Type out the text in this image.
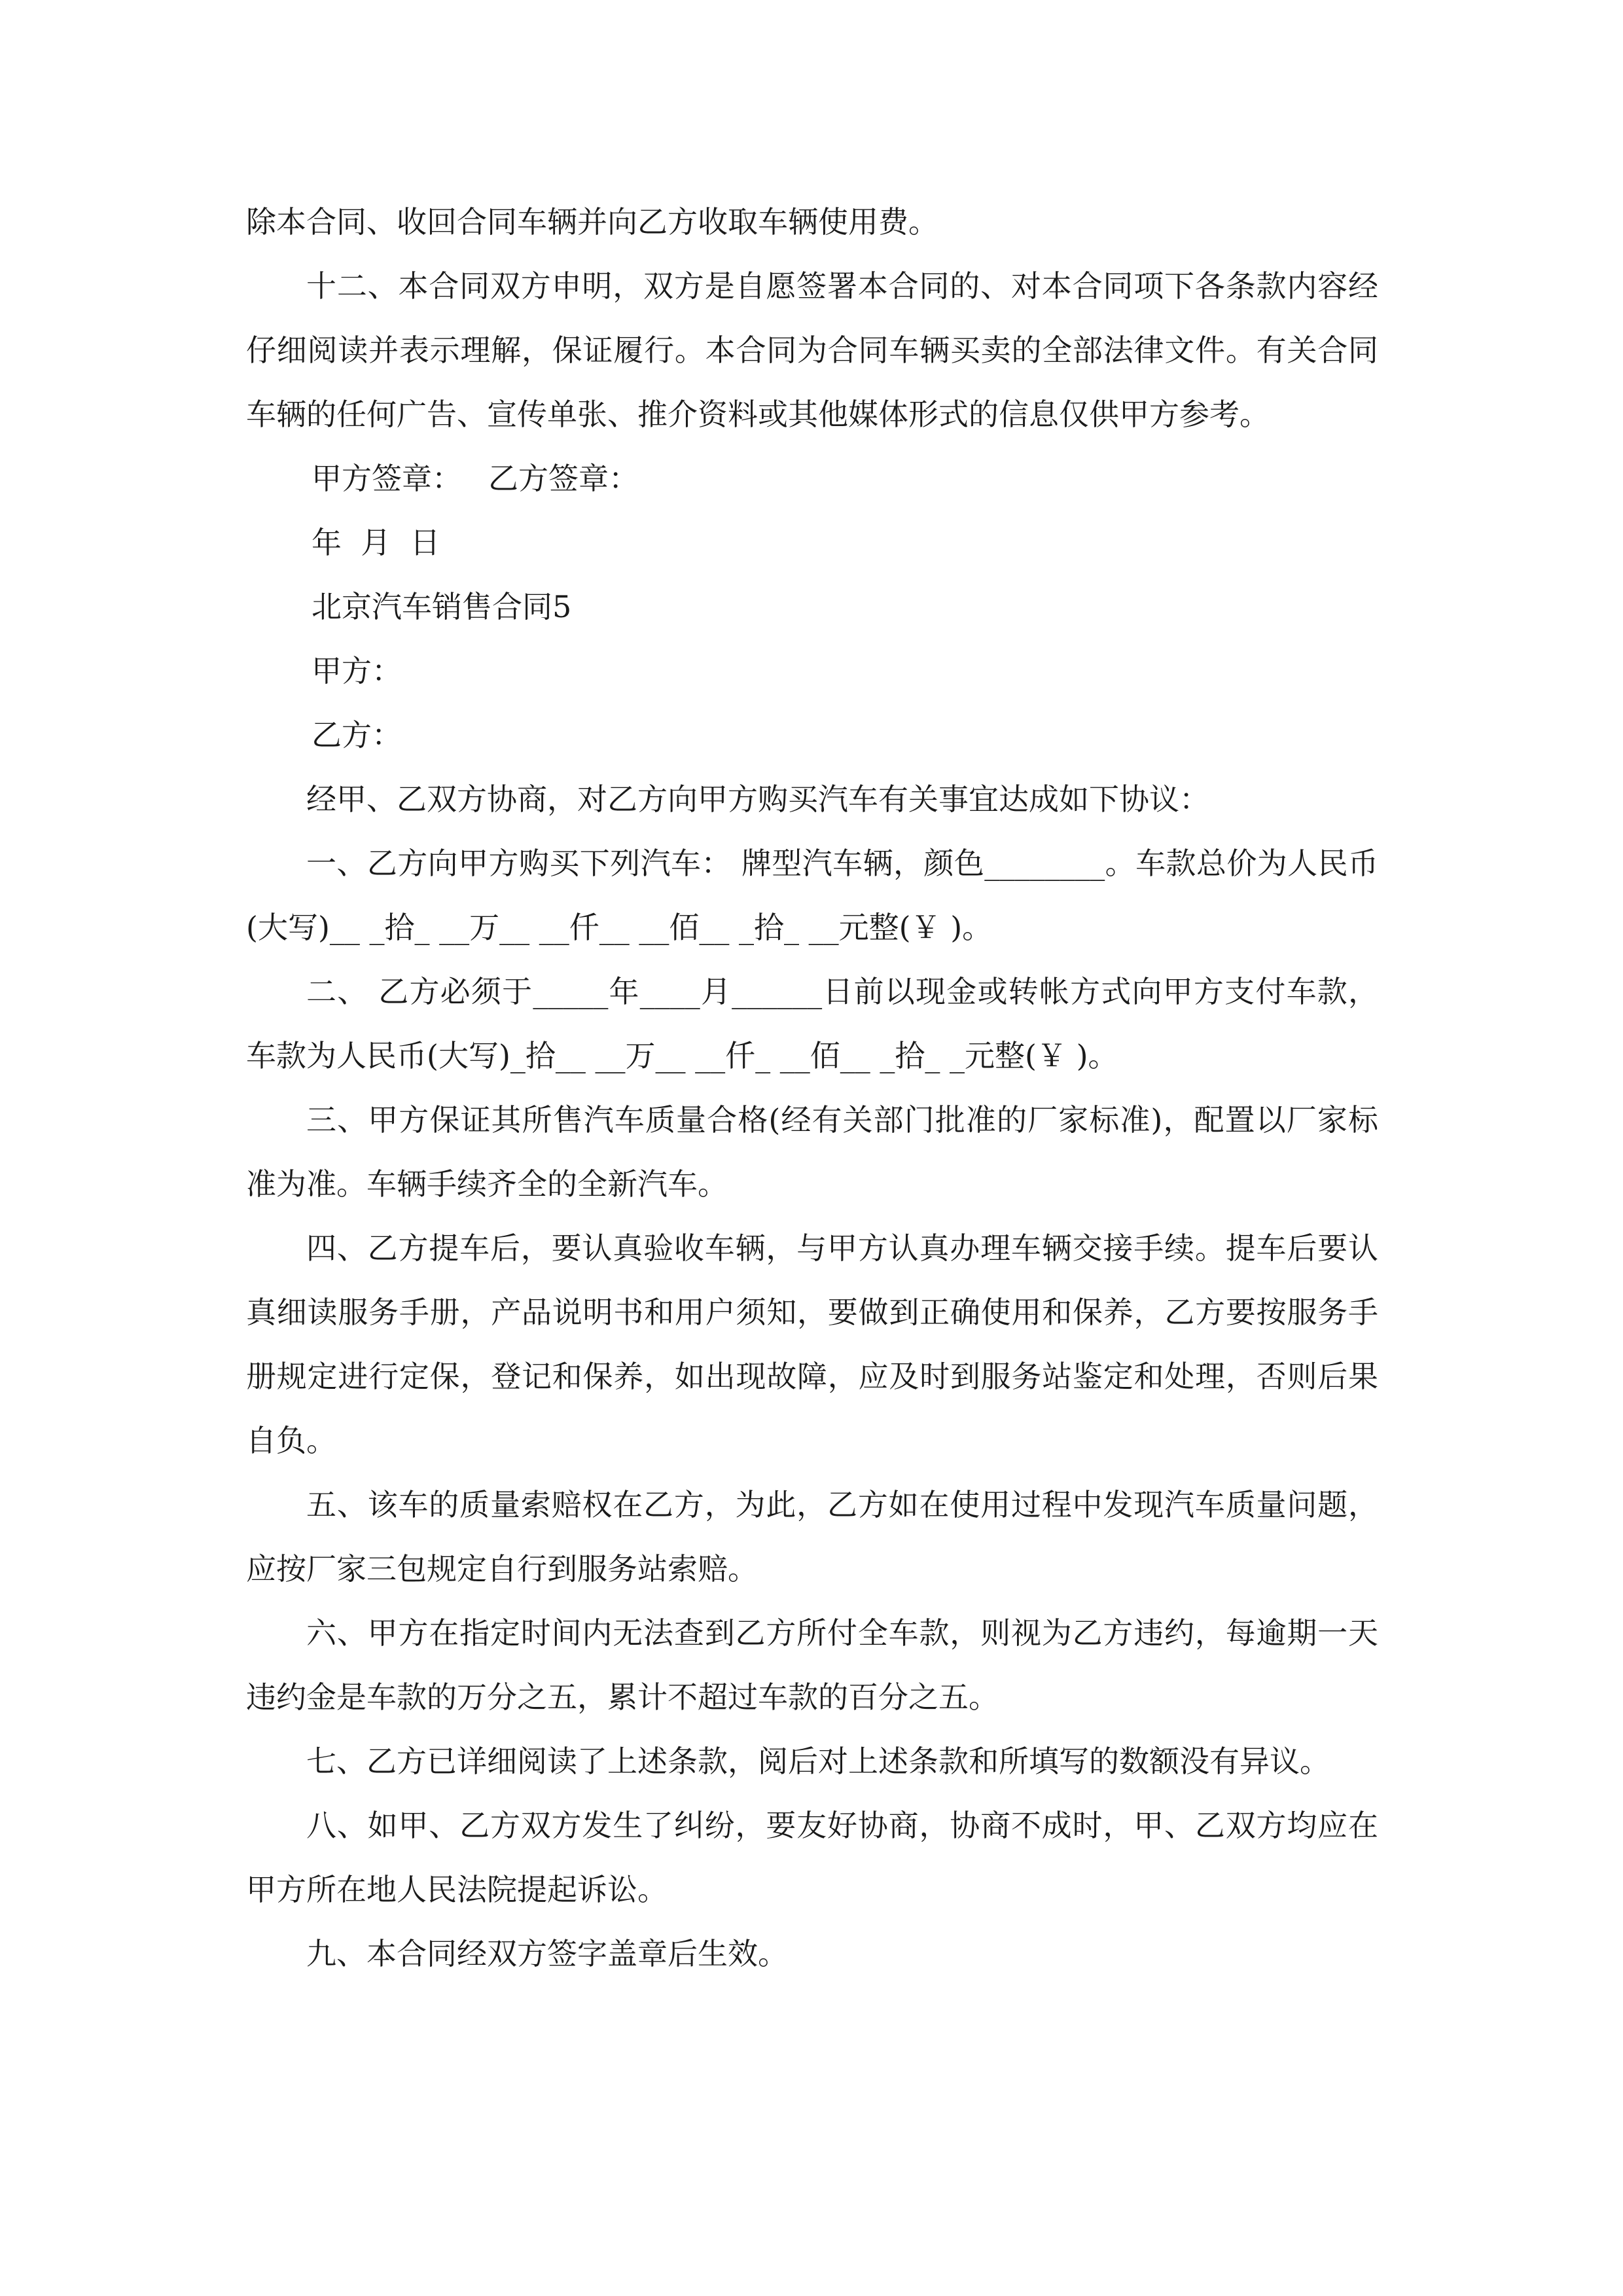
除本合同、收回合同车辆并向乙方收取车辆使用费。

十二、本合同双方申明，双方是自愿签署本合同的、对本合同项下各条款内容经仔细阅读并表示理解，保证履行。本合同为合同车辆买卖的全部法律文件。有关合同车辆的任何广告、宣传单张、推介资料或其他媒体形式的信息仅供甲方参考。

甲方签章： 乙方签章：

年  月  日

北京汽车销售合同5

甲方：

乙方：

经甲、乙双方协商，对乙方向甲方购买汽车有关事宜达成如下协议：

一、乙方向甲方购买下列汽车： 牌型汽车辆，颜色________。车款总价为人民币(大写)__ _拾_ __万__ __仟__ __佰__ _拾_ __元整(￥ )。

二、 乙方必须于_____年____月______日前以现金或转帐方式向甲方支付车款，车款为人民币(大写)_拾__ __万__ __仟_ __佰__ _拾_ _元整(￥ )。

三、甲方保证其所售汽车质量合格(经有关部门批准的厂家标准)，配置以厂家标准为准。车辆手续齐全的全新汽车。

四、乙方提车后，要认真验收车辆，与甲方认真办理车辆交接手续。提车后要认真细读服务手册，产品说明书和用户须知，要做到正确使用和保养，乙方要按服务手册规定进行定保，登记和保养，如出现故障，应及时到服务站鉴定和处理，否则后果自负。

五、该车的质量索赔权在乙方，为此，乙方如在使用过程中发现汽车质量问题，应按厂家三包规定自行到服务站索赔。

六、甲方在指定时间内无法查到乙方所付全车款，则视为乙方违约，每逾期一天违约金是车款的万分之五，累计不超过车款的百分之五。

七、乙方已详细阅读了上述条款，阅后对上述条款和所填写的数额没有异议。

八、如甲、乙方双方发生了纠纷，要友好协商，协商不成时，甲、乙双方均应在甲方所在地人民法院提起诉讼。

九、本合同经双方签字盖章后生效。
